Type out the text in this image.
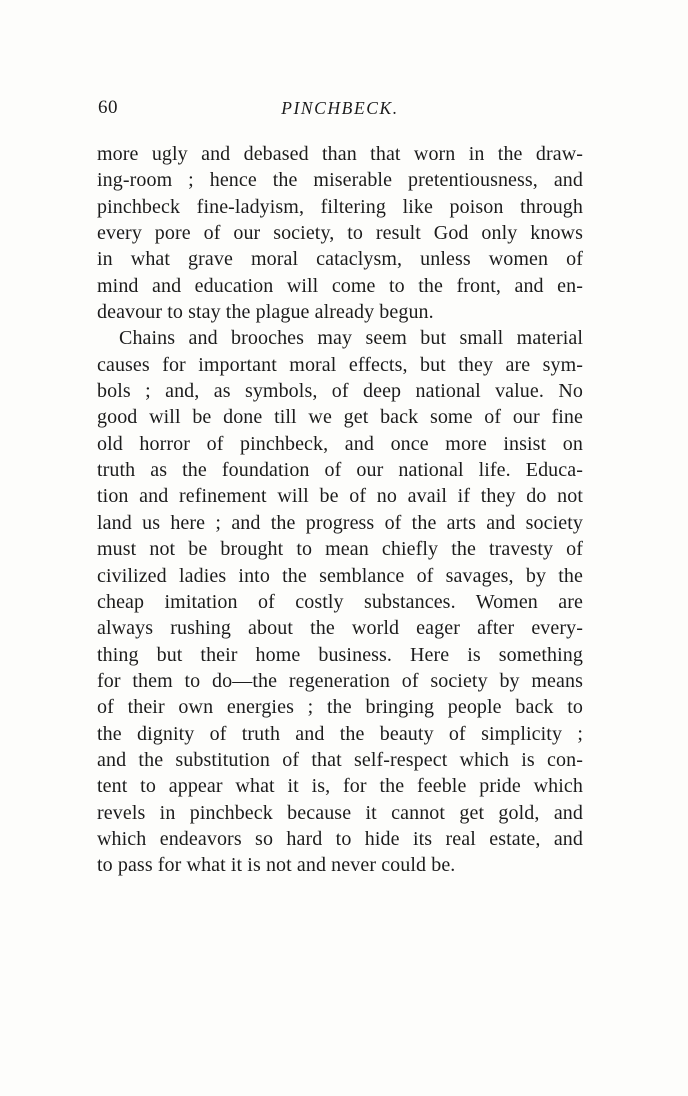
60	PINCHBECK.
more ugly and debased than that worn in the draw-
ing-room ; hence the miserable pretentiousness, and
pinchbeck fine-ladyism, filtering like poison through
every pore of our society, to result God only knows
in what grave moral cataclysm, unless women of
mind and education will come to the front, and en-
deavour to stay the plague already begun.
Chains and brooches may seem but small material
causes for important moral effects, but they are sym-
bols ; and, as symbols, of deep national value. No
good will be done till we get back some of our fine
old horror of pinchbeck, and once more insist on
truth as the foundation of our national life. Educa-
tion and refinement will be of no avail if they do not
land us here ; and the progress of the arts and society
must not be brought to mean chiefly the travesty of
civilized ladies into the semblance of savages, by the
cheap imitation of costly substances. Women are
always rushing about the world eager after every-
thing but their home business. Here is something
for them to do—the regeneration of society by means
of their own energies ; the bringing people back to
the dignity of truth and the beauty of simplicity ;
and the substitution of that self-respect which is con-
tent to appear what it is, for the feeble pride which
revels in pinchbeck because it cannot get gold, and
which endeavors so hard to hide its real estate, and
to pass for what it is not and never could be.
